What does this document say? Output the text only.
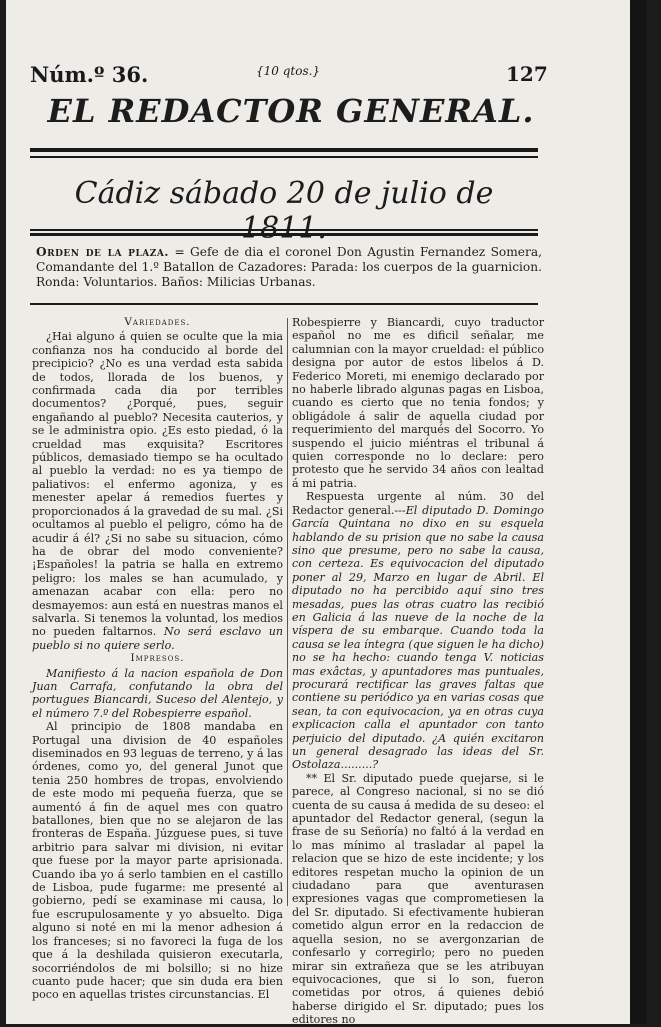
Núm.º 36.	{10 qtos.}	127
EL REDACTOR GENERAL.
Cádiz sábado 20 de julio de
Orden de la plaza. = Gefe de dia el coronel Don Agustin Fernandez Somera, Comandante del 1.º Batallon de Cazadores: Parada: los cuerpos de la guarnicion. Ronda: Voluntarios. Baños: Milicias Urbanas.
Variedades.

¿Hai alguno á quien se oculte que la mia confianza nos ha conducido al borde del precipicio? ¿No es una verdad esta sabida de todos, llorada de los buenos, y confirmada cada dia por terribles documentos? ¿Porqué, pues, seguir engañando al pueblo? Necesita cauterios, y se le administra opio. ¿Es esto piedad, ó la crueldad mas exquisita? Escritores públicos, demasiado tiempo se ha ocultado al pueblo la verdad: no es ya tiempo de paliativos: el enfermo agoniza, y es menester apelar á remedios fuertes y proporcionados á la gravedad de su mal. ¿Si ocultamos al pueblo el peligro, cómo ha de acudir á él? ¿Si no sabe su situacion, cómo ha de obrar del modo conveniente? ¡Españoles! la patria se halla en extremo peligro: los males se han acumulado, y amenazan acabar con ella: pero no desmayemos: aun está en nuestras manos el salvarla. Si tenemos la voluntad, los medios no pueden faltarnos. No será esclavo un pueblo si no quiere serlo.

Impresos.

Manifiesto á la nacion española de Don Juan Carrafa, confutando la obra del portugues Biancardi, Suceso del Alentejo, y el número 7.º del Robespierre español.

Al principio de 1808 mandaba en Portugal una division de 40 españoles diseminados en 93 leguas de terreno, y á las órdenes, como yo, del general Junot que tenia 250 hombres de tropas, envolviendo de este modo mi pequeña fuerza, que se aumentó á fin de aquel mes con quatro batallones, bien que no se alejaron de las fronteras de España. Júzguese pues, si tuve arbitrio para salvar mi division, ni evitar que fuese por la mayor parte aprisionada. Cuando iba yo á serlo tambien en el castillo de Lisboa, pude fugarme: me presenté al gobierno, pedí se examinase mi causa, lo fue escrupulosamente y yo absuelto. Diga alguno si noté en mi la menor adhesion á los franceses; si no favoreci la fuga de los que á la deshilada quisieron executarla, socorriéndolos de mi bolsillo; si no hize cuanto pude hacer; que sin duda era bien poco en aquellas tristes circunstancias. El

Robespierre y Biancardi, cuyo traductor español no me es dificil señalar, me calumnian con la mayor crueldad: el público designa por autor de estos libelos á D. Federico Moreti, mi enemigo declarado por no haberle librado algunas pagas en Lisboa, cuando es cierto que no tenia fondos; y obligádole á salir de aquella ciudad por requerimiento del marqués del Socorro. Yo suspendo el juicio miéntras el tribunal á quien corresponde no lo declare: pero protesto que he servido 34 años con lealtad á mi patria.

Respuesta urgente al núm. 30 del Redactor general.---El diputado D. Domingo García Quintana no dixo en su esquela hablando de su prision que no sabe la causa sino que presume, pero no sabe la causa, con certeza. Es equivocacion del diputado poner al 29, Marzo en lugar de Abril. El diputado no ha percibido aquí sino tres mesadas, pues las otras cuatro las recibió en Galicia á las nueve de la noche de la víspera de su embarque. Cuando toda la causa se lea íntegra (que siguen le ha dicho) no se ha hecho: cuando tenga V. noticias mas exâctas, y apuntadores mas puntuales, procurará rectificar las graves faltas que contiene su periódico ya en varias cosas que sean, ta con equivocacion, ya en otras cuya explicacion calla el apuntador con tanto perjuicio del diputado. ¿A quién excitaron un general desagrado las ideas del Sr. Ostolaza.........?

** El Sr. diputado puede quejarse, si le parece, al Congreso nacional, si no se dió cuenta de su causa á medida de su deseo: el apuntador del Redactor general, (segun la frase de su Señoría) no faltó á la verdad en lo mas mínimo al trasladar al papel la relacion que se hizo de este incidente; y los editores respetan mucho la opinion de un ciudadano para que aventurasen expresiones vagas que comprometiesen la del Sr. diputado. Si efectivamente hubieran cometido algun error en la redaccion de aquella sesion, no se avergonzarian de confesarlo y corregirlo; pero no pueden mirar sin extrañeza que se les atribuyan equivocaciones, que si lo son, fueron cometidas por otros, á quienes debió haberse dirigido el Sr. diputado; pues los editores no
